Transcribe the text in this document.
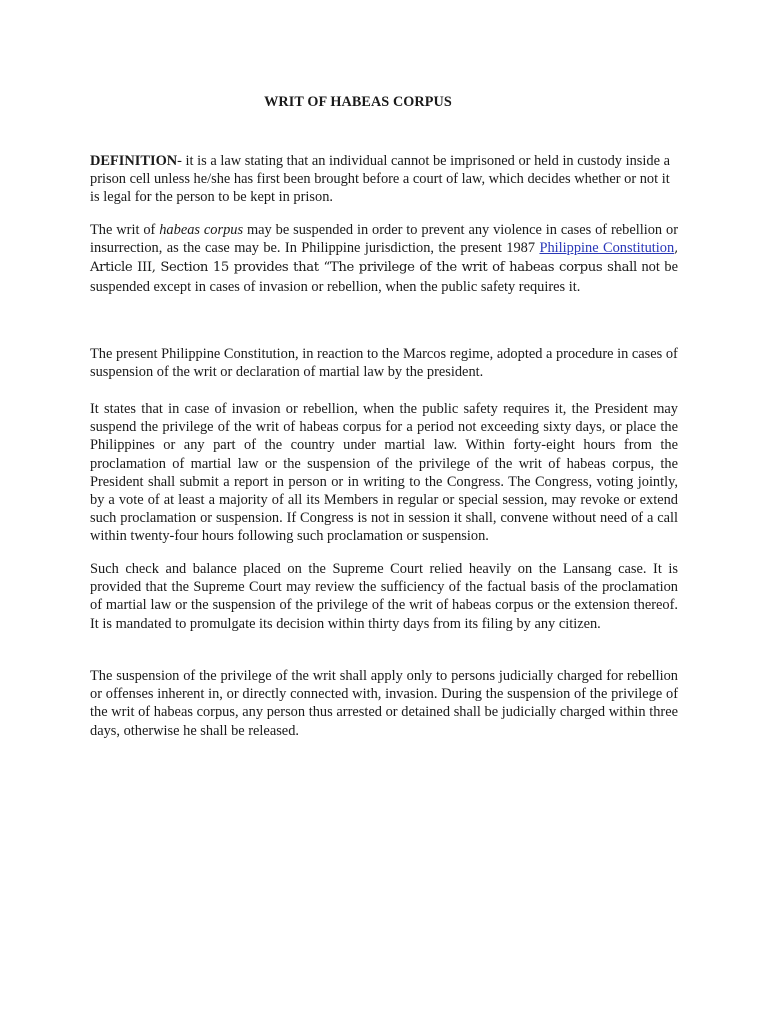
WRIT OF HABEAS CORPUS

DEFINITION- it is a law stating that an individual cannot be imprisoned or held in custody inside a prison cell unless he/she has first been brought before a court of law, which decides whether or not it is legal for the person to be kept in prison.

The writ of habeas corpus may be suspended in order to prevent any violence in cases of rebellion or insurrection, as the case may be. In Philippine jurisdiction, the present 1987 Philippine Constitution, Article III, Section 15 provides that “The privilege of the writ of habeas corpus shall not be suspended except in cases of invasion or rebellion, when the public safety requires it.

The present Philippine Constitution, in reaction to the Marcos regime, adopted a procedure in cases of suspension of the writ or declaration of martial law by the president.

It states that in case of invasion or rebellion, when the public safety requires it, the President may suspend the privilege of the writ of habeas corpus for a period not exceeding sixty days, or place the Philippines or any part of the country under martial law. Within forty-eight hours from the proclamation of martial law or the suspension of the privilege of the writ of habeas corpus, the President shall submit a report in person or in writing to the Congress. The Congress, voting jointly, by a vote of at least a majority of all its Members in regular or special session, may revoke or extend such proclamation or suspension. If Congress is not in session it shall, convene without need of a call within twenty-four hours following such proclamation or suspension.

Such check and balance placed on the Supreme Court relied heavily on the Lansang case. It is provided that the Supreme Court may review the sufficiency of the factual basis of the proclamation of martial law or the suspension of the privilege of the writ of habeas corpus or the extension thereof. It is mandated to promulgate its decision within thirty days from its filing by any citizen.

The suspension of the privilege of the writ shall apply only to persons judicially charged for rebellion or offenses inherent in, or directly connected with, invasion. During the suspension of the privilege of the writ of habeas corpus, any person thus arrested or detained shall be judicially charged within three days, otherwise he shall be released.
